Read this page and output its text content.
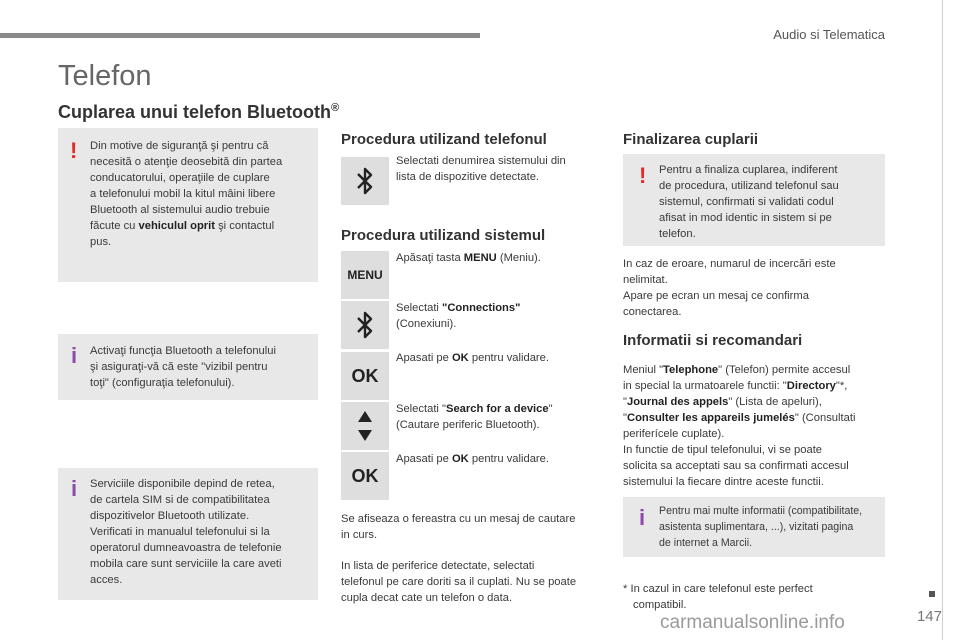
Audio si Telematica
147
Telefon
Cuplarea unui telefon Bluetooth®
! Din motive de siguranţă şi pentru că
necesită o atenţie deosebită din partea
conducatorului, operaţiile de cuplare
a telefonului mobil la kitul mâini libere
Bluetooth al sistemului audio trebuie
făcute cu vehiculul oprit şi contactul
pus.
i Activaţi funcţia Bluetooth a telefonului
şi asiguraţi-vă că este "vizibil pentru
toţi" (configuraţia telefonului).
i Serviciile disponibile depind de retea,
de cartela SIM si de compatibilitatea
dispozitivelor Bluetooth utilizate.
Verificati in manualul telefonului si la
operatorul dumneavoastra de telefonie
mobila care sunt serviciile la care aveti
acces.
Procedura utilizand telefonul
Selectati denumirea sistemului din
lista de dispozitive detectate.
Procedura utilizand sistemul
MENU
Apăsaţi tasta MENU (Meniu).
Selectati "Connections"
(Conexiuni).
OK
Apasati pe OK pentru validare.
Selectati "Search for a device"
(Cautare periferic Bluetooth).
OK
Apasati pe OK pentru validare.
Se afiseaza o fereastra cu un mesaj de cautare
in curs.
In lista de periferice detectate, selectati
telefonul pe care doriti sa il cuplati. Nu se poate
cupla decat cate un telefon o data.
Finalizarea cuplarii
! Pentru a finaliza cuplarea, indiferent
de procedura, utilizand telefonul sau
sistemul, confirmati si validati codul
afisat in mod identic in sistem si pe
telefon.
In caz de eroare, numarul de incercări este
nelimitat.
Apare pe ecran un mesaj ce confirma
conectarea.
Informatii si recomandari
Meniul "Telephone" (Telefon) permite accesul
in special la urmatoarele functii: "Directory"*,
"Journal des appels" (Lista de apeluri),
"Consulter les appareils jumelés" (Consultati
periferícele cuplate).
In functie de tipul telefonului, vi se poate
solicita sa acceptati sau sa confirmati accesul
sistemului la fiecare dintre aceste functii.
i Pentru mai multe informatii (compatibilitate,
asistenta suplimentara, ...), vizitati pagina
de internet a Marcii.
* In cazul in care telefonul este perfect
compatibil.
carmanualsonline.info
